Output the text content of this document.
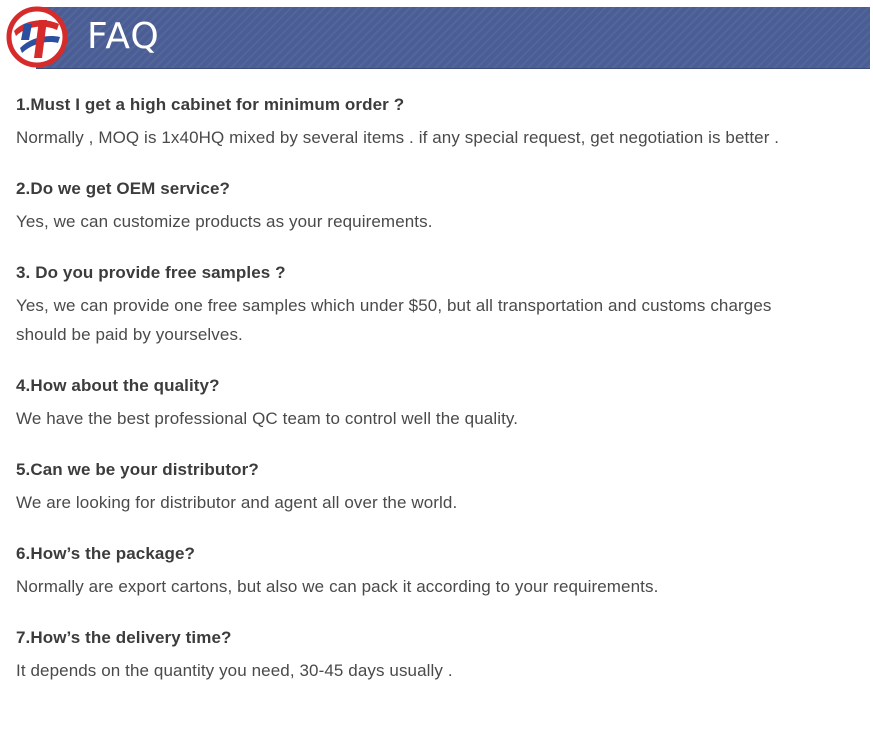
FAQ
1.Must I get a high cabinet for minimum order ?
Normally , MOQ is 1x40HQ mixed by several items . if any special request, get negotiation is better .
2.Do we get OEM service?
Yes, we can customize products as your requirements.
3. Do you provide free samples ?
Yes, we can provide one free samples which under $50, but all transportation and customs charges should be paid by yourselves.
4.How about the quality?
We have the best professional QC team to control well the quality.
5.Can we be your distributor?
We are looking for distributor and agent all over the world.
6.How’s the package?
Normally are export cartons, but also we can pack it according to your requirements.
7.How’s the delivery time?
It depends on the quantity you need, 30-45 days usually .
